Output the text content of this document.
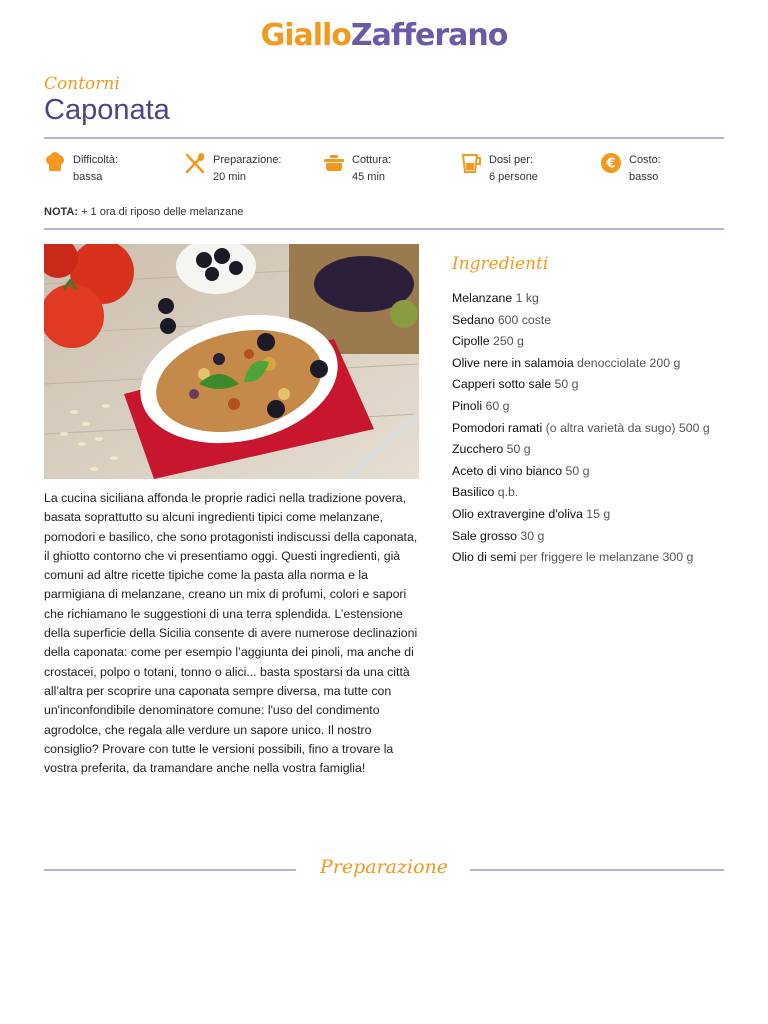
GialloZafferano
Contorni
Caponata
Difficoltà:
bassa
Preparazione:
20 min
Cottura:
45 min
Dosi per:
6 persone
€ Costo:
basso
NOTA: + 1 ora di riposo delle melanzane
La cucina siciliana affonda le proprie radici nella tradizione povera, basata soprattutto su alcuni ingredienti tipici come melanzane, pomodori e basilico, che sono protagonisti indiscussi della caponata, il ghiotto contorno che vi presentiamo oggi. Questi ingredienti, già comuni ad altre ricette tipiche come la pasta alla norma e la parmigiana di melanzane, creano un mix di profumi, colori e sapori che richiamano le suggestioni di una terra splendida. L’estensione della superficie della Sicilia consente di avere numerose declinazioni della caponata: come per esempio l’aggiunta dei pinoli, ma anche di crostacei, polpo o totani, tonno o alici... basta spostarsi da una città all’altra per scoprire una caponata sempre diversa, ma tutte con un'inconfondibile denominatore comune: l'uso del condimento agrodolce, che regala alle verdure un sapore unico. Il nostro consiglio? Provare con tutte le versioni possibili, fino a trovare la vostra preferita, da tramandare anche nella vostra famiglia!
Ingredienti
Melanzane 1 kg
Sedano 600 coste
Cipolle 250 g
Olive nere in salamoia denocciolate 200 g
Capperi sotto sale 50 g
Pinoli 60 g
Pomodori ramati (o altra varietà da sugo) 500 g
Zucchero 50 g
Aceto di vino bianco 50 g
Basilico q.b.
Olio extravergine d'oliva 15 g
Sale grosso 30 g
Olio di semi per friggere le melanzane 300 g
Preparazione
